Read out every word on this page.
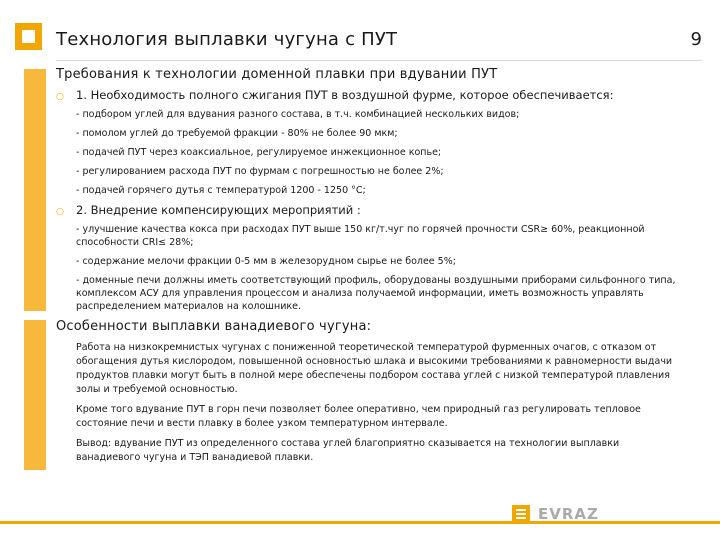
Технология выплавки чугуна с ПУТ	9
Требования к технологии доменной плавки при вдувании ПУТ
○ 1. Необходимость полного сжигания ПУТ в воздушной фурме, которое обеспечивается:
- подбором углей для вдувания разного состава, в т.ч. комбинацией нескольких видов;
- помолом углей до требуемой фракции - 80% не более 90 мкм;
- подачей ПУТ через коаксиальное, регулируемое инжекционное копье;
- регулированием расхода ПУТ по фурмам с погрешностью не более 2%;
- подачей горячего дутья с температурой 1200 - 1250 °С;
○ 2. Внедрение компенсирующих мероприятий :
- улучшение качества кокса при расходах ПУТ выше 150 кг/т.чуг по горячей прочности CSR≥ 60%, реакционной способности CRI≤ 28%;
- содержание мелочи фракции 0-5 мм в железорудном сырье не более 5%;
- доменные печи должны иметь соответствующий профиль, оборудованы воздушными приборами сильфонного типа, комплексом АСУ для управления процессом и анализа получаемой информации, иметь возможность управлять распределением материалов на колошнике.
Особенности выплавки ванадиевого чугуна:
Работа на низкокремнистых чугунах с пониженной теоретической температурой фурменных очагов, с отказом от обогащения дутья кислородом, повышенной основностью шлака и высокими требованиями к равномерности выдачи продуктов плавки могут быть в полной мере обеспечены подбором состава углей с низкой температурой плавления золы и требуемой основностью.
Кроме того вдувание ПУТ в горн печи позволяет более оперативно, чем природный газ регулировать тепловое состояние печи и вести плавку в более узком температурном интервале.
Вывод: вдувание ПУТ из определенного состава углей благоприятно сказывается на технологии выплавки ванадиевого чугуна и ТЭП ванадиевой плавки.
EVRAZ
